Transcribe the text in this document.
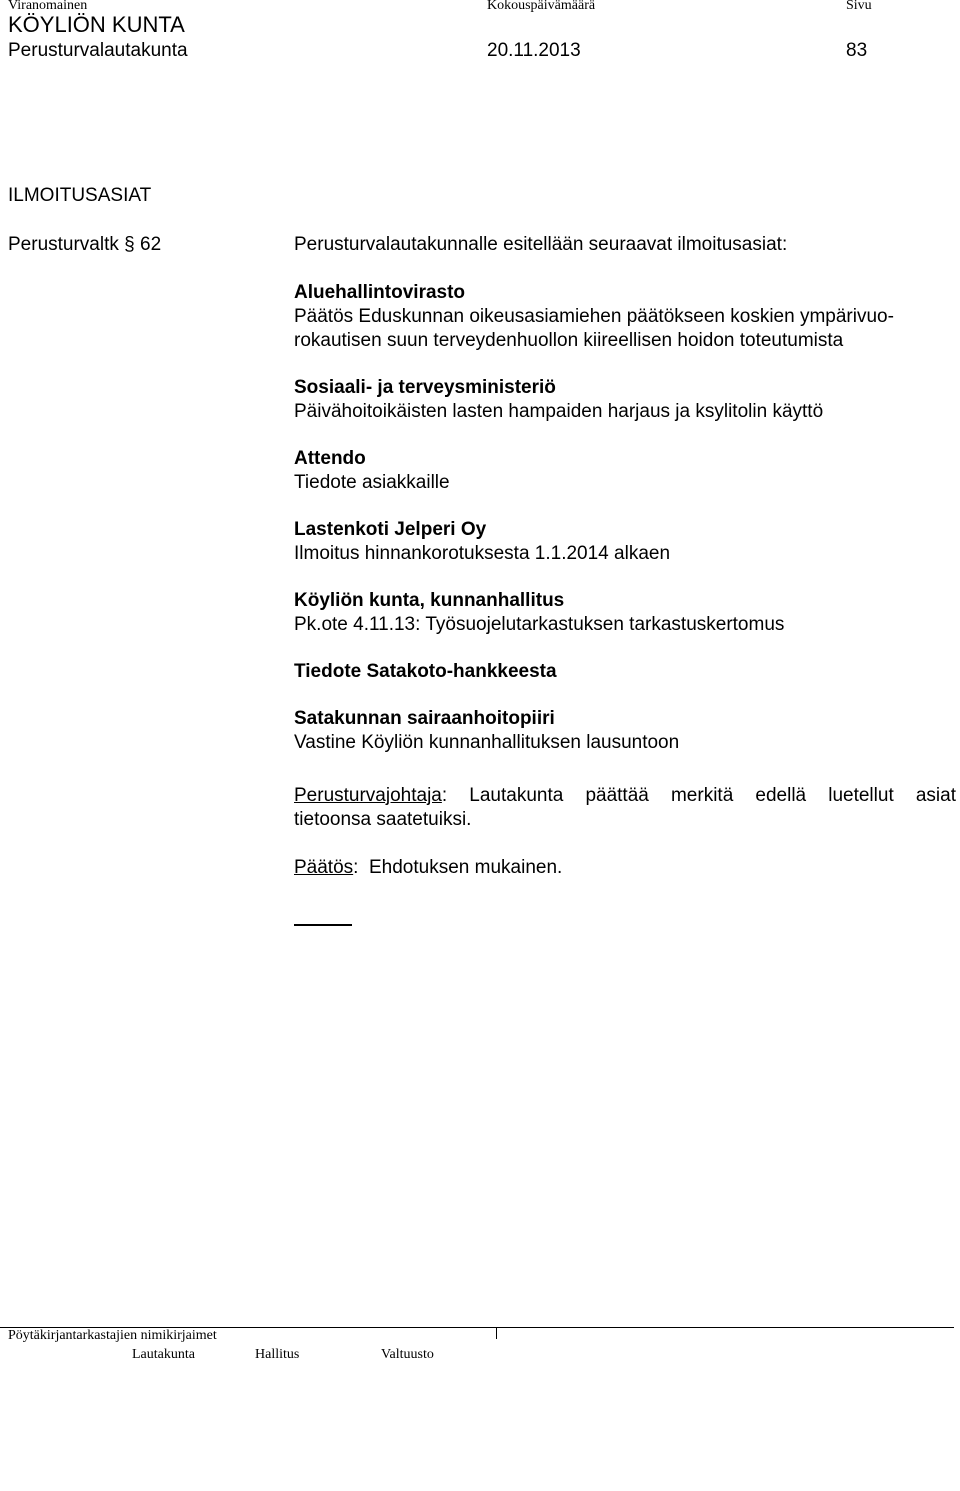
Viranomainen	Kokouspäivämäärä	Sivu
KÖYLIÖN KUNTA
Perusturvalautakunta	20.11.2013	83
ILMOITUSASIAT
Perusturvaltk § 62	Perusturvalautakunnalle esitellään seuraavat ilmoitusasiat:
Aluehallintovirasto
Päätös Eduskunnan oikeusasiamiehen päätökseen koskien ympärivuo-
rokautisen suun terveydenhuollon kiireellisen hoidon toteutumista
Sosiaali- ja terveysministeriö
Päivähoitoikäisten lasten hampaiden harjaus ja ksylitolin käyttö
Attendo
Tiedote asiakkaille
Lastenkoti Jelperi Oy
Ilmoitus hinnankorotuksesta 1.1.2014 alkaen
Köyliön kunta, kunnanhallitus
Pk.ote 4.11.13: Työsuojelutarkastuksen tarkastuskertomus
Tiedote Satakoto-hankkeesta
Satakunnan sairaanhoitopiiri
Vastine Köyliön kunnanhallituksen lausuntoon
Perusturvajohtaja: Lautakunta päättää merkitä edellä luetellut asiat
tietoonsa saatetuiksi.
Päätös:  Ehdotuksen mukainen.
Pöytäkirjantarkastajien nimikirjaimet
Lautakunta	Hallitus	Valtuusto
